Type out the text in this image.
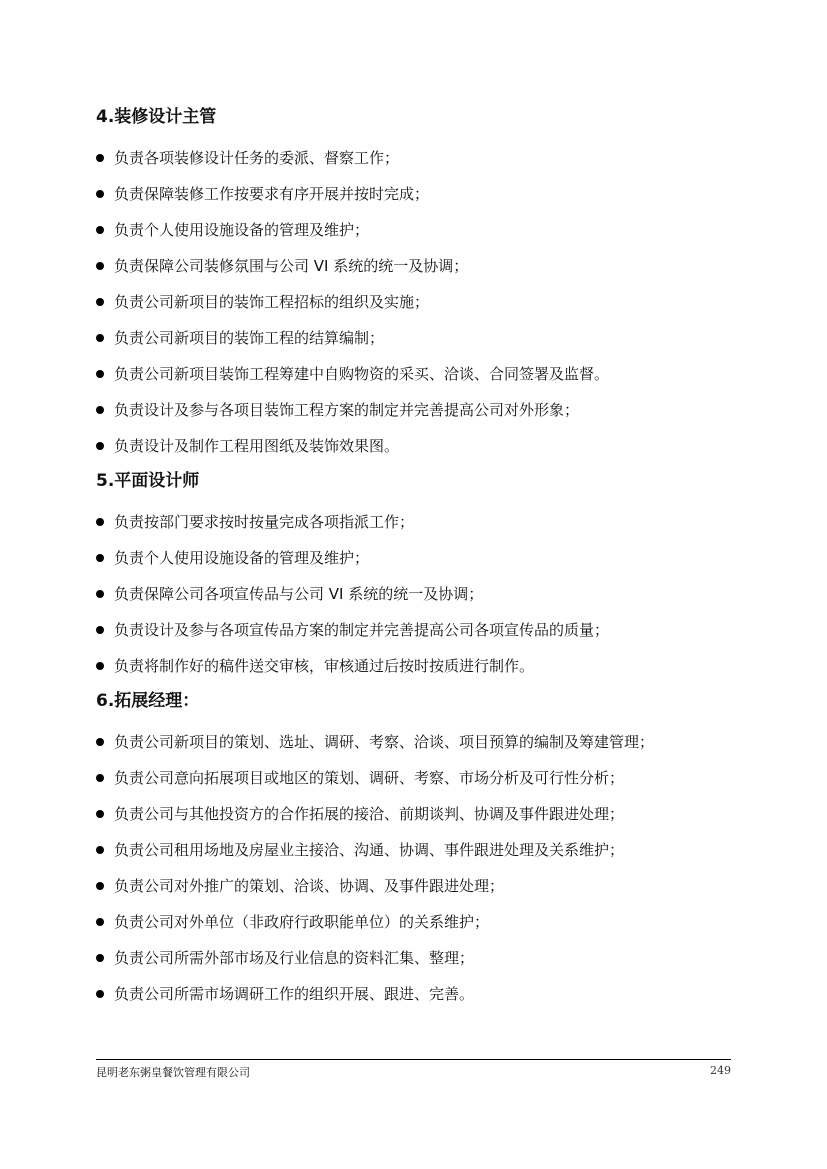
4.装修设计主管
负责各项装修设计任务的委派、督察工作；
负责保障装修工作按要求有序开展并按时完成；
负责个人使用设施设备的管理及维护；
负责保障公司装修氛围与公司 VI 系统的统一及协调；
负责公司新项目的装饰工程招标的组织及实施；
负责公司新项目的装饰工程的结算编制；
负责公司新项目装饰工程筹建中自购物资的采买、洽谈、合同签署及监督。
负责设计及参与各项目装饰工程方案的制定并完善提高公司对外形象；
负责设计及制作工程用图纸及装饰效果图。
5.平面设计师
负责按部门要求按时按量完成各项指派工作；
负责个人使用设施设备的管理及维护；
负责保障公司各项宣传品与公司 VI 系统的统一及协调；
负责设计及参与各项宣传品方案的制定并完善提高公司各项宣传品的质量；
负责将制作好的稿件送交审核，审核通过后按时按质进行制作。
6.拓展经理：
负责公司新项目的策划、选址、调研、考察、洽谈、项目预算的编制及筹建管理；
负责公司意向拓展项目或地区的策划、调研、考察、市场分析及可行性分析；
负责公司与其他投资方的合作拓展的接洽、前期谈判、协调及事件跟进处理；
负责公司租用场地及房屋业主接洽、沟通、协调、事件跟进处理及关系维护；
负责公司对外推广的策划、洽谈、协调、及事件跟进处理；
负责公司对外单位（非政府行政职能单位）的关系维护；
负责公司所需外部市场及行业信息的资料汇集、整理；
负责公司所需市场调研工作的组织开展、跟进、完善。
昆明老东粥皇餐饮管理有限公司	249
